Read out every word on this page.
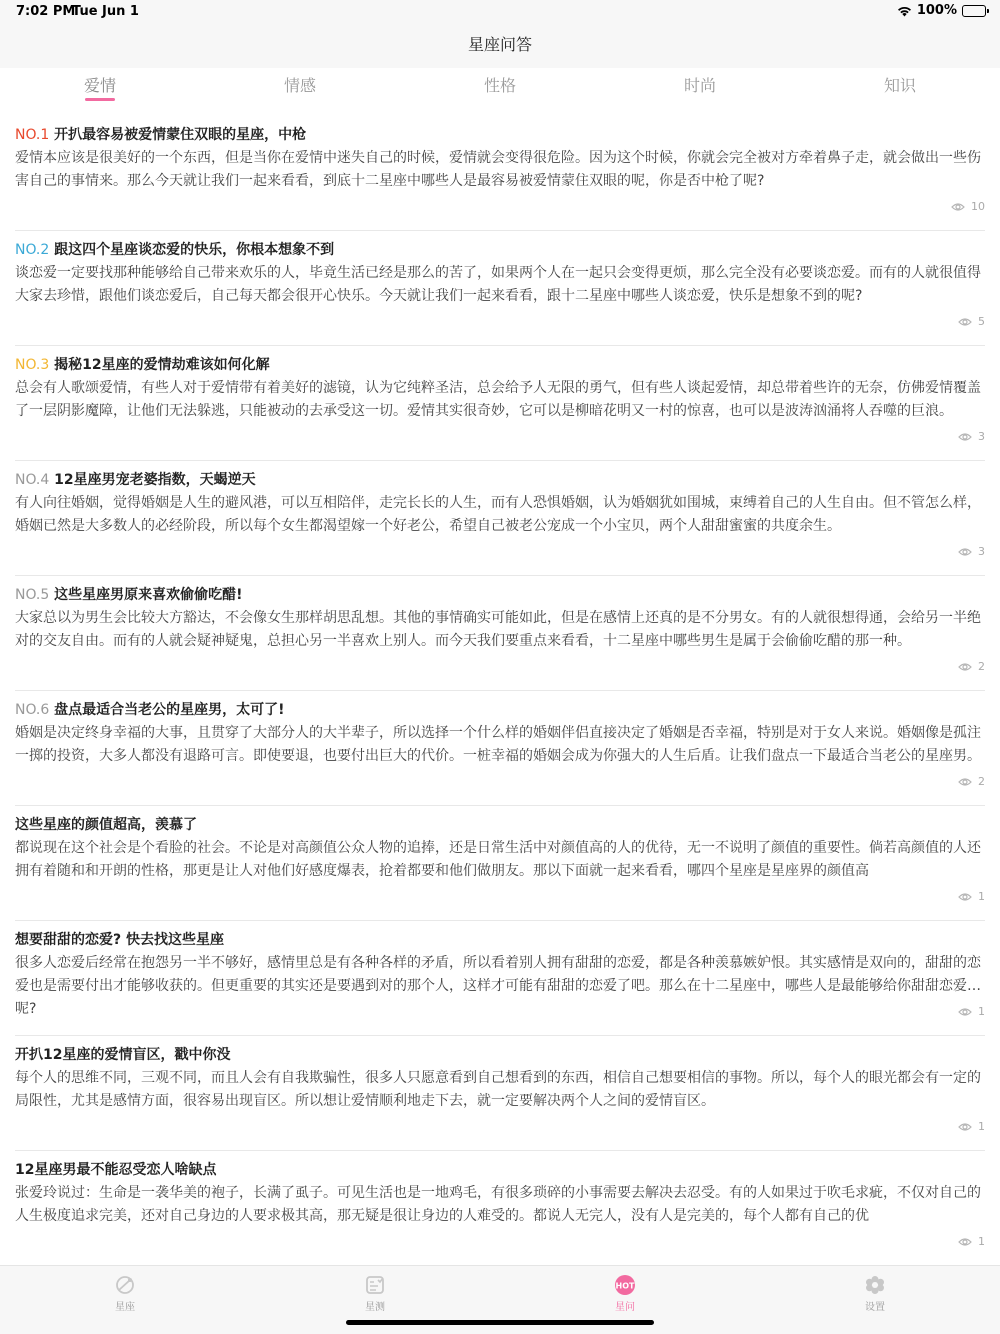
7:02 PM
Tue Jun 1	100%
星座问答
爱情	情感	性格	时尚	知识
NO.1 开扒最容易被爱情蒙住双眼的星座，中枪
爱情本应该是很美好的一个东西，但是当你在爱情中迷失自己的时候，爱情就会变得很危险。因为这个时候，你就会完全被对方牵着鼻子走，就会做出一些伤害自己的事情来。那么今天就让我们一起来看看，到底十二星座中哪些人是最容易被爱情蒙住双眼的呢，你是否中枪了呢?
10
NO.2 跟这四个星座谈恋爱的快乐，你根本想象不到
谈恋爱一定要找那种能够给自己带来欢乐的人，毕竟生活已经是那么的苦了，如果两个人在一起只会变得更烦，那么完全没有必要谈恋爱。而有的人就很值得大家去珍惜，跟他们谈恋爱后，自己每天都会很开心快乐。今天就让我们一起来看看，跟十二星座中哪些人谈恋爱，快乐是想象不到的呢?
5
NO.3 揭秘12星座的爱情劫难该如何化解
总会有人歌颂爱情，有些人对于爱情带有着美好的滤镜，认为它纯粹圣洁，总会给予人无限的勇气，但有些人谈起爱情，却总带着些许的无奈，仿佛爱情覆盖了一层阴影魔障，让他们无法躲逃，只能被动的去承受这一切。爱情其实很奇妙，它可以是柳暗花明又一村的惊喜，也可以是波涛汹涌将人吞噬的巨浪。
3
NO.4 12星座男宠老婆指数，天蝎逆天
有人向往婚姻，觉得婚姻是人生的避风港，可以互相陪伴，走完长长的人生，而有人恐惧婚姻，认为婚姻犹如围城，束缚着自己的人生自由。但不管怎么样，婚姻已然是大多数人的必经阶段，所以每个女生都渴望嫁一个好老公，希望自己被老公宠成一个小宝贝，两个人甜甜蜜蜜的共度余生。
3
NO.5 这些星座男原来喜欢偷偷吃醋!
大家总以为男生会比较大方豁达，不会像女生那样胡思乱想。其他的事情确实可能如此，但是在感情上还真的是不分男女。有的人就很想得通，会给另一半绝对的交友自由。而有的人就会疑神疑鬼，总担心另一半喜欢上别人。而今天我们要重点来看看，十二星座中哪些男生是属于会偷偷吃醋的那一种。
2
NO.6 盘点最适合当老公的星座男，太可了!
婚姻是决定终身幸福的大事，且贯穿了大部分人的大半辈子，所以选择一个什么样的婚姻伴侣直接决定了婚姻是否幸福，特别是对于女人来说。婚姻像是孤注一掷的投资，大多人都没有退路可言。即使要退，也要付出巨大的代价。一桩幸福的婚姻会成为你强大的人生后盾。让我们盘点一下最适合当老公的星座男。
2
这些星座的颜值超高，羡慕了
都说现在这个社会是个看脸的社会。不论是对高颜值公众人物的追捧，还是日常生活中对颜值高的人的优待，无一不说明了颜值的重要性。倘若高颜值的人还拥有着随和和开朗的性格，那更是让人对他们好感度爆表，抢着都要和他们做朋友。那以下面就一起来看看，哪四个星座是星座界的颜值高
1
想要甜甜的恋爱? 快去找这些星座
很多人恋爱后经常在抱怨另一半不够好，感情里总是有各种各样的矛盾，所以看着别人拥有甜甜的恋爱，都是各种羡慕嫉妒恨。其实感情是双向的，甜甜的恋爱也是需要付出才能够收获的。但更重要的其实还是要遇到对的那个人，这样才可能有甜甜的恋爱了吧。那么在十二星座中，哪些人是最能够给你甜甜恋爱的呢?	1
开扒12星座的爱情盲区，戳中你没
每个人的思维不同，三观不同，而且人会有自我欺骗性，很多人只愿意看到自己想看到的东西，相信自己想要相信的事物。所以，每个人的眼光都会有一定的局限性，尤其是感情方面，很容易出现盲区。所以想让爱情顺利地走下去，就一定要解决两个人之间的爱情盲区。
1
12星座男最不能忍受恋人啥缺点
张爱玲说过：生命是一袭华美的袍子，长满了虱子。可见生活也是一地鸡毛，有很多琐碎的小事需要去解决去忍受。有的人如果过于吹毛求疵，不仅对自己的人生极度追求完美，还对自己身边的人要求极其高，那无疑是很让身边的人难受的。都说人无完人，没有人是完美的，每个人都有自己的优
1
星座	星测
HOT
星问	设置
